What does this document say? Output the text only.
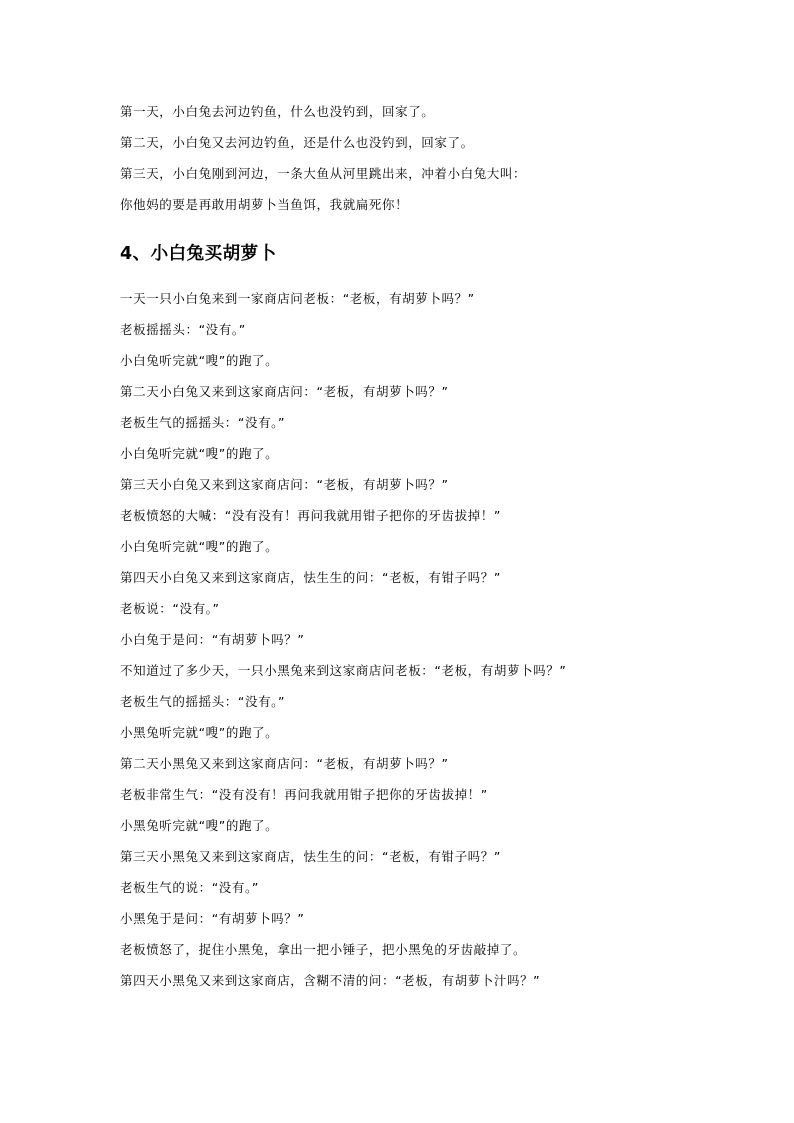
第一天，小白兔去河边钓鱼，什么也没钓到，回家了。
第二天，小白兔又去河边钓鱼，还是什么也没钓到，回家了。
第三天，小白兔刚到河边，一条大鱼从河里跳出来，冲着小白兔大叫：
你他妈的要是再敢用胡萝卜当鱼饵，我就扁死你！
4、小白兔买胡萝卜
一天一只小白兔来到一家商店问老板：“老板，有胡萝卜吗？”
老板摇摇头：“没有。”
小白兔听完就“嗖”的跑了。
第二天小白兔又来到这家商店问：“老板，有胡萝卜吗？”
老板生气的摇摇头：“没有。”
小白兔听完就“嗖”的跑了。
第三天小白兔又来到这家商店问：“老板，有胡萝卜吗？”
老板愤怒的大喊：“没有没有！再问我就用钳子把你的牙齿拔掉！”
小白兔听完就“嗖”的跑了。
第四天小白兔又来到这家商店，怯生生的问：“老板，有钳子吗？”
老板说：“没有。”
小白兔于是问：“有胡萝卜吗？”
不知道过了多少天，一只小黑兔来到这家商店问老板：“老板，有胡萝卜吗？”
老板生气的摇摇头：“没有。”
小黑兔听完就“嗖”的跑了。
第二天小黑兔又来到这家商店问：“老板，有胡萝卜吗？”
老板非常生气：“没有没有！再问我就用钳子把你的牙齿拔掉！”
小黑兔听完就“嗖”的跑了。
第三天小黑兔又来到这家商店，怯生生的问：“老板，有钳子吗？”
老板生气的说：“没有。”
小黑兔于是问：“有胡萝卜吗？”
老板愤怒了，捉住小黑兔，拿出一把小锤子，把小黑兔的牙齿敲掉了。
第四天小黑兔又来到这家商店，含糊不清的问：“老板，有胡萝卜汁吗？”
